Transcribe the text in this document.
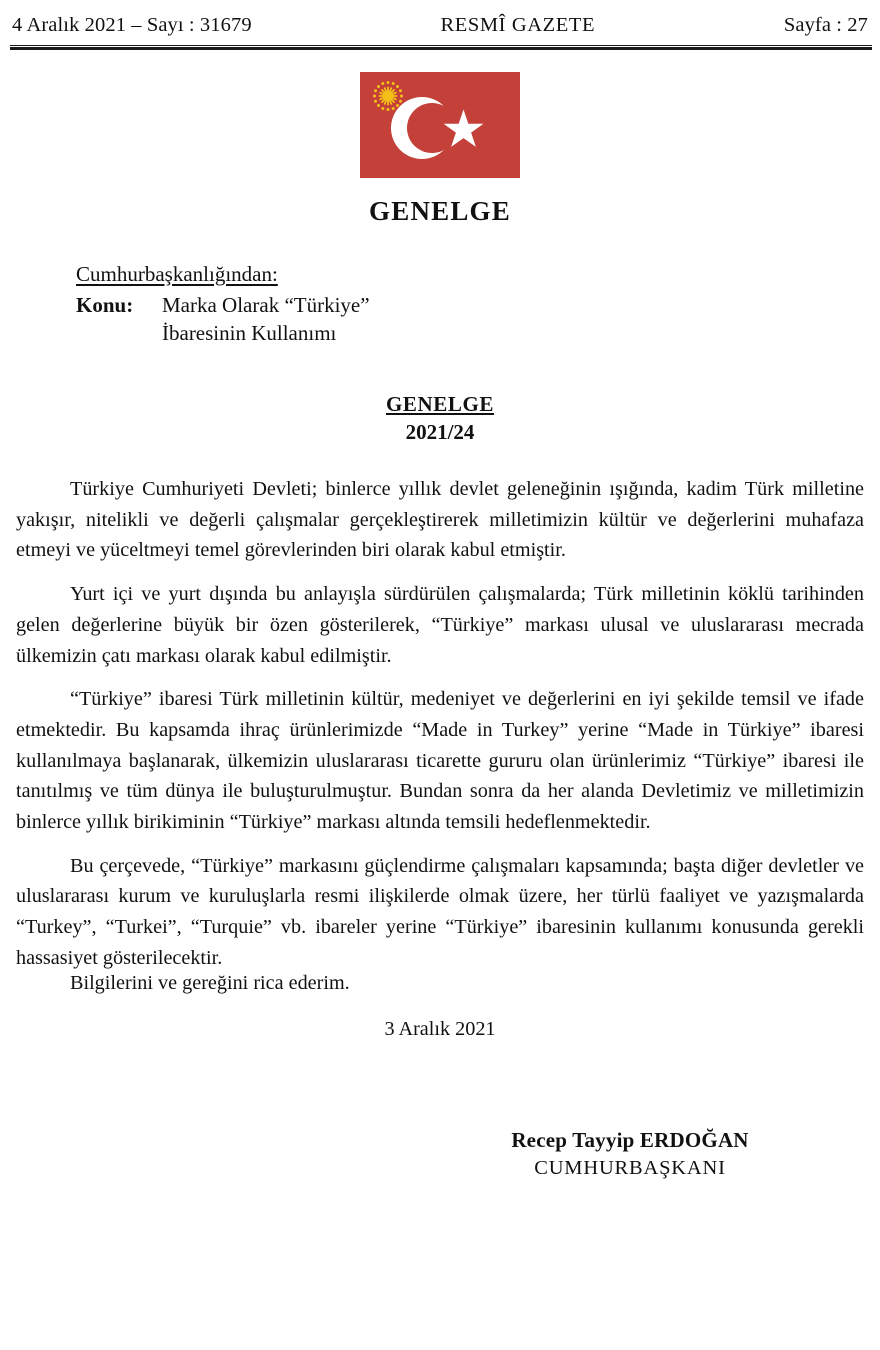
4 Aralık 2021 – Sayı : 31679	RESMÎ GAZETE	Sayfa : 27
GENELGE
Cumhurbaşkanlığından:
Konu:	Marka Olarak “Türkiye”
İbaresinin Kullanımı
GENELGE
2021/24

Türkiye Cumhuriyeti Devleti; binlerce yıllık devlet geleneğinin ışığında, kadim Türk milletine yakışır, nitelikli ve değerli çalışmalar gerçekleştirerek milletimizin kültür ve değerlerini muhafaza etmeyi ve yüceltmeyi temel görevlerinden biri olarak kabul etmiştir.

Yurt içi ve yurt dışında bu anlayışla sürdürülen çalışmalarda; Türk milletinin köklü tarihinden gelen değerlerine büyük bir özen gösterilerek, “Türkiye” markası ulusal ve uluslararası mecrada ülkemizin çatı markası olarak kabul edilmiştir.

“Türkiye” ibaresi Türk milletinin kültür, medeniyet ve değerlerini en iyi şekilde temsil ve ifade etmektedir. Bu kapsamda ihraç ürünlerimizde “Made in Turkey” yerine “Made in Türkiye” ibaresi kullanılmaya başlanarak, ülkemizin uluslararası ticarette gururu olan ürünlerimiz “Türkiye” ibaresi ile tanıtılmış ve tüm dünya ile buluşturulmuştur. Bundan sonra da her alanda Devletimiz ve milletimizin binlerce yıllık birikiminin “Türkiye” markası altında temsili hedeflenmektedir.

Bu çerçevede, “Türkiye” markasını güçlendirme çalışmaları kapsamında; başta diğer devletler ve uluslararası kurum ve kuruluşlarla resmi ilişkilerde olmak üzere, her türlü faaliyet ve yazışmalarda “Turkey”, “Turkei”, “Turquie” vb. ibareler yerine “Türkiye” ibaresinin kullanımı konusunda gerekli hassasiyet gösterilecektir.

Bilgilerini ve gereğini rica ederim.
3 Aralık 2021
Recep Tayyip ERDOĞAN
CUMHURBAŞKANI
